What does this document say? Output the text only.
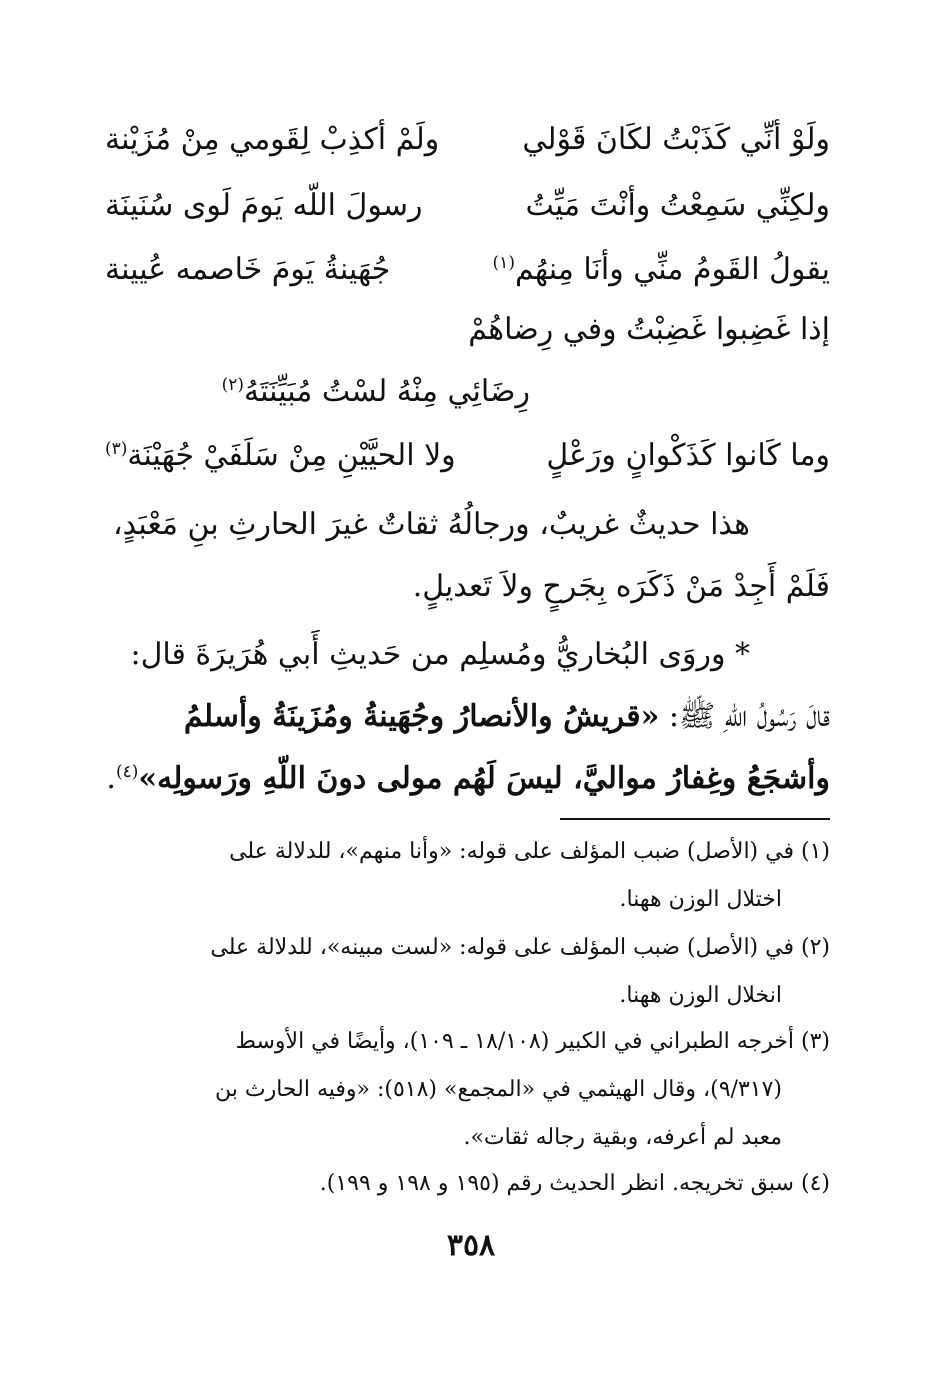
ولَوْ أنِّي كَذَبْتُ لكَانَ قَوْلي
ولَمْ أكذِبْ لِقَومي مِنْ مُزَيْنة
ولكِنِّي سَمِعْتُ وأنْتَ مَيِّتُ
رسولَ اللّه يَومَ لَوى سُنَينَة
يقولُ القَومُ منِّي وأنَا مِنهُم$^{(١)}$
جُهَينةُ يَومَ خَاصمه عُيينة
إذا غَضِبوا غَضِبْتُ وفي رِضاهُمْ
رِضَائِي مِنْهُ لسْتُ مُبَيِّنَتَهُ$^{(٢)}$
وما كَانوا كَذَكْوانٍ ورَعْلٍ
ولا الحيَّيْنِ مِنْ سَلَفَيْ جُهَيْنَة$^{(٣)}$
هذا حديثٌ غريبٌ، ورجالُهُ ثقاتٌ غيرَ الحارثِ بنِ مَعْبَدٍ،
فَلَمْ أَجِدْ مَنْ ذَكَرَه بِجَرحٍ ولاَ تَعديلٍ.
* وروَى البُخاريُّ ومُسلِم من حَديثِ أَبي هُرَيرَةَ قال:
قالَ رَسُولُ اللّهِ ﷺ: «قريشُ والأنصارُ وجُهَينةُ ومُزَينَةُ وأسلمُ
وأشجَعُ وغِفارُ مواليَّ، ليسَ لَهُم مولى دونَ اللّهِ ورَسولِه»$^{(٤)}$.
(١) في (الأصل) ضبب المؤلف على قوله: «وأنا منهم»، للدلالة على
اختلال الوزن ههنا.
(٢) في (الأصل) ضبب المؤلف على قوله: «لست مبينه»، للدلالة على
انخلال الوزن ههنا.
(٣) أخرجه الطبراني في الكبير (١٨/١٠٨ ـ ١٠٩)، وأيضًا في الأوسط
(٩/٣١٧)، وقال الهيثمي في «المجمع» (٥١٨): «وفيه الحارث بن
معبد لم أعرفه، وبقية رجاله ثقات».
(٤) سبق تخريجه. انظر الحديث رقم (١٩٥ و ١٩٨ و ١٩٩).
٣٥٨
